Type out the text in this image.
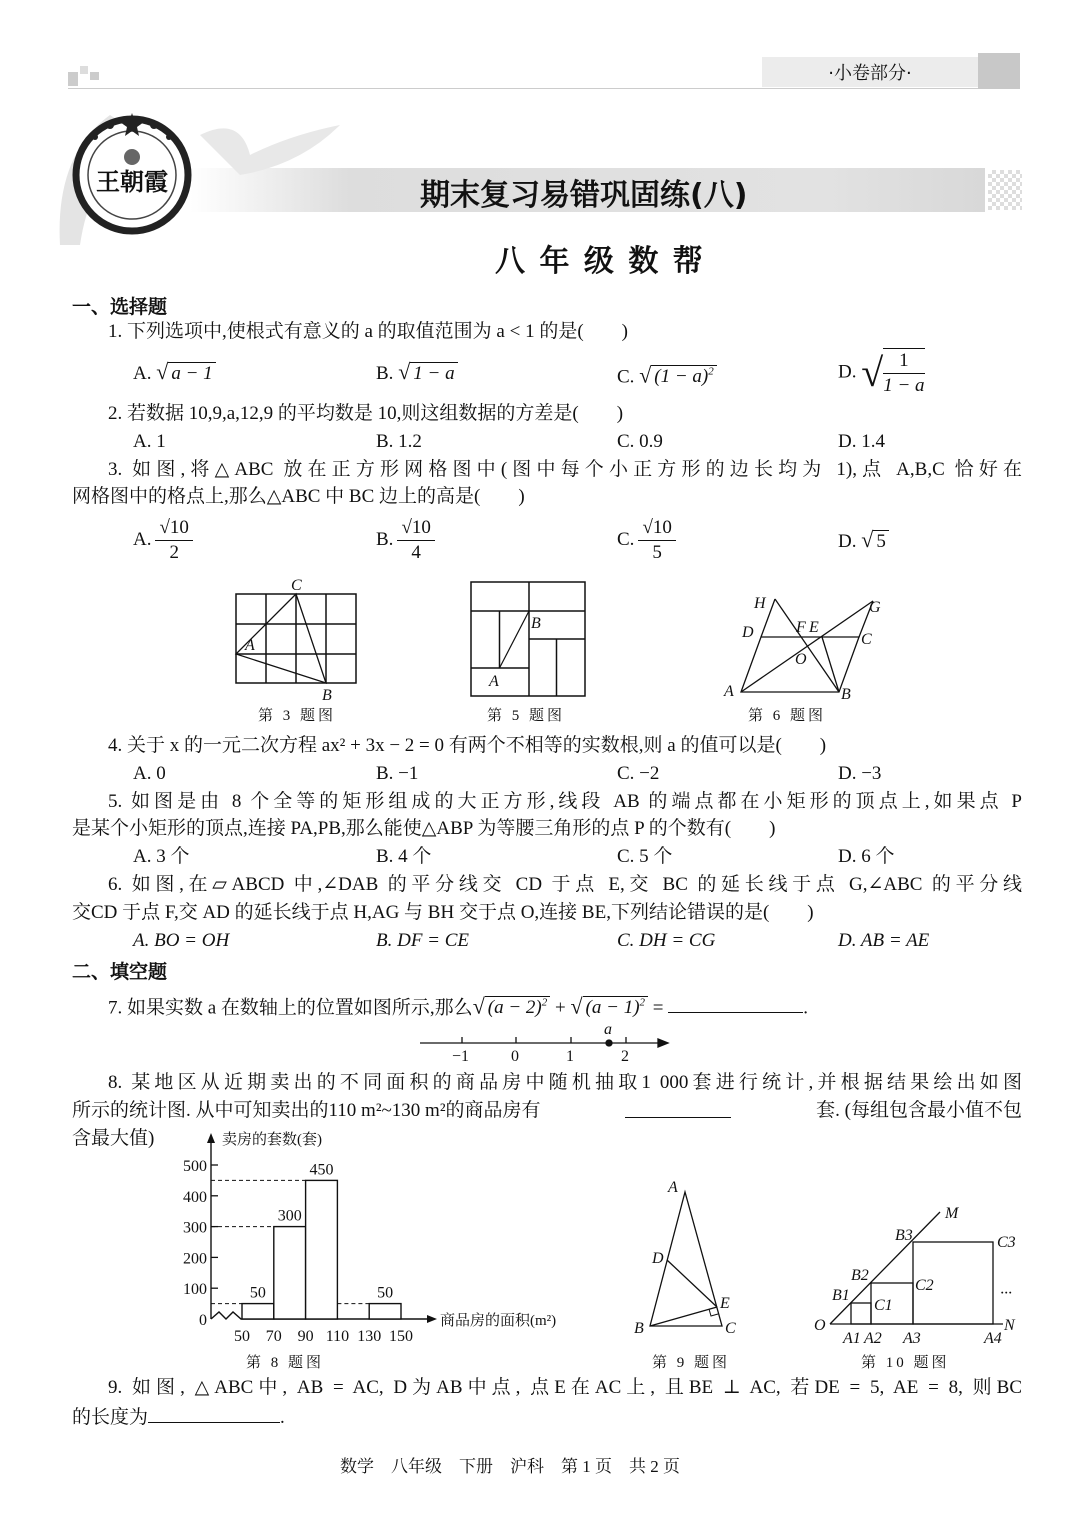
·小卷部分·
期末复习易错巩固练(八)
八 年 级 数 帮
王朝霞
一、选择题
1. 下列选项中,使根式有意义的 a 的取值范围为 a < 1 的是(　　)
A. √ a − 1	B. √ 1 − a	C. √ $(1 - a)^2$	D. √ $\frac{1}{1 - a}$
2. 若数据 10,9,a,12,9 的平均数是 10,则这组数据的方差是(　　)
A. 1	B. 1.2	C. 0.9	D. 1.4
3. 如图,将△ABC 放在正方形网格图中(图中每个小正方形的边长均为 1),点 A,B,C 恰好在
网格图中的格点上,那么△ABC 中 BC 边上的高是(　　)
A. $\frac{√10}{2}$	B. $\frac{√10}{4}$	C. $\frac{√10}{5}$	D. √ 5
第 3 题图	第 5 题图	第 6 题图
4. 关于 x 的一元二次方程 ax² + 3x − 2 = 0 有两个不相等的实数根,则 a 的值可以是(　　)
A. 0	B. −1	C. −2	D. −3
5. 如图是由 8 个全等的矩形组成的大正方形,线段 AB 的端点都在小矩形的顶点上,如果点 P
是某个小矩形的顶点,连接 PA,PB,那么能使△ABP 为等腰三角形的点 P 的个数有(　　)
A. 3 个	B. 4 个	C. 5 个	D. 6 个
6. 如图,在▱ABCD 中,∠DAB 的平分线交 CD 于点 E,交 BC 的延长线于点 G,∠ABC 的平分线
交CD 于点 F,交 AD 的延长线于点 H,AG 与 BH 交于点 O,连接 BE,下列结论错误的是(　　)
A. BO = OH	B. DF = CE	C. DH = CG	D. AB = AE
二、填空题
7. 如果实数 a 在数轴上的位置如图所示,那么√ $(a - 2)^2$ + √ $(a - 1)^2$ =	.
8. 某地区从近期卖出的不同面积的商品房中随机抽取1 000套进行统计,并根据结果绘出如图
所示的统计图. 从中可知卖出的110 m²~130 m²的商品房有	套. (每组包含最小值不包
含最大值)
第 8 题图	第 9 题图	第 10 题图
9. 如图, △ABC中, AB = AC, D为AB中点, 点E在AC上, 且BE ⊥ AC, 若DE = 5, AE = 8, 则BC
的长度为	.
数学　八年级　下册　沪科　第 1 页　共 2 页
C
A
B
B
A
H	G
D	F E
C
O
A	B
−1	0	1	2
a
卖房的套数(套)
商品房的面积(m²)
0
100
200
300
400
500
50 70 90 110 130 150
50
300
450
50
A
D
E
B	C
M
B3	C3
B2
C2
B1
C1
O
A1 A2 A3	A4
N
···
